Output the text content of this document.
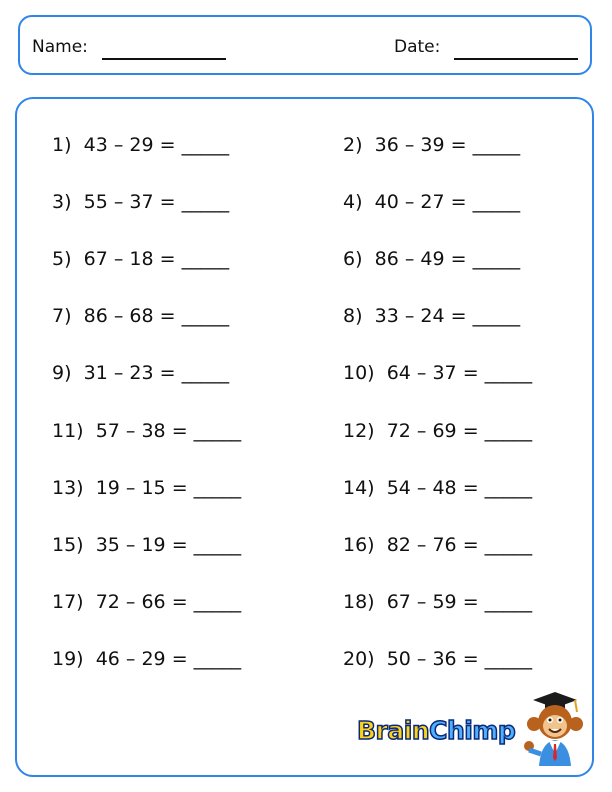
Name:	Date:
1) 43 – 29 = _____	2) 36 – 39 = _____
3) 55 – 37 = _____	4) 40 – 27 = _____
5) 67 – 18 = _____	6) 86 – 49 = _____
7) 86 – 68 = _____	8) 33 – 24 = _____
9) 31 – 23 = _____	10) 64 – 37 = _____
11) 57 – 38 = _____	12) 72 – 69 = _____
13) 19 – 15 = _____	14) 54 – 48 = _____
15) 35 – 19 = _____	16) 82 – 76 = _____
17) 72 – 66 = _____	18) 67 – 59 = _____
19) 46 – 29 = _____	20) 50 – 36 = _____
BrainChimp
